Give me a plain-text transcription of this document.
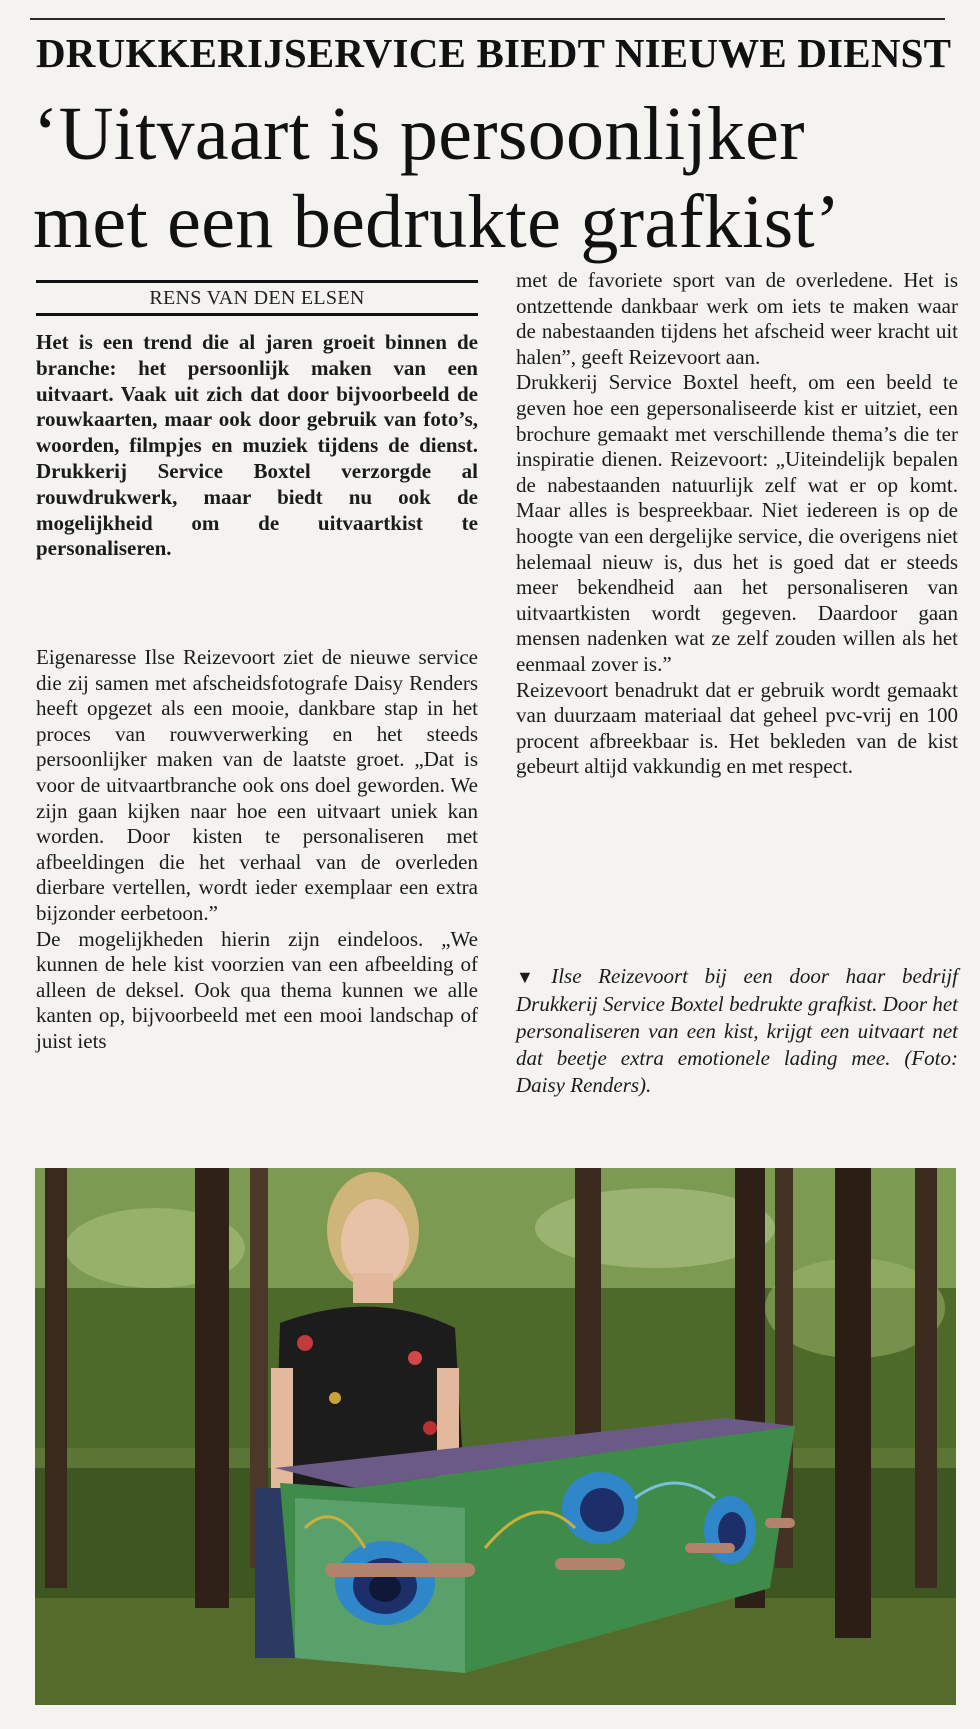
DRUKKERIJSERVICE BIEDT NIEUWE DIENST
‘Uitvaart is persoonlijker
met een bedrukte grafkist’
RENS VAN DEN ELSEN

Het is een trend die al jaren groeit binnen de branche: het persoonlijk maken van een uitvaart. Vaak uit zich dat door bijvoorbeeld de rouwkaarten, maar ook door gebruik van foto’s, woorden, filmpjes en muziek tijdens de dienst. Drukkerij Service Boxtel verzorgde al rouwdrukwerk, maar biedt nu ook de mogelijkheid om de uitvaartkist te personaliseren.

Eigenaresse Ilse Reizevoort ziet de nieuwe service die zij samen met afscheidsfotografe Daisy Renders heeft opgezet als een mooie, dankbare stap in het proces van rouwverwerking en het steeds persoonlijker maken van de laatste groet. „Dat is voor de uitvaartbranche ook ons doel geworden. We zijn gaan kijken naar hoe een uitvaart uniek kan worden. Door kisten te personaliseren met afbeeldingen die het verhaal van de overleden dierbare vertellen, wordt ieder exemplaar een extra bijzonder eerbetoon.”

De mogelijkheden hierin zijn eindeloos. „We kunnen de hele kist voorzien van een afbeelding of alleen de deksel. Ook qua thema kunnen we alle kanten op, bijvoorbeeld met een mooi landschap of juist iets

met de favoriete sport van de overledene. Het is ontzettende dankbaar werk om iets te maken waar de nabestaanden tijdens het afscheid weer kracht uit halen”, geeft Reizevoort aan.

Drukkerij Service Boxtel heeft, om een beeld te geven hoe een gepersonaliseerde kist er uitziet, een brochure gemaakt met verschillende thema’s die ter inspiratie dienen. Reizevoort: „Uiteindelijk bepalen de nabestaanden natuurlijk zelf wat er op komt. Maar alles is bespreekbaar. Niet iedereen is op de hoogte van een dergelijke service, die overigens niet helemaal nieuw is, dus het is goed dat er steeds meer bekendheid aan het personaliseren van uitvaartkisten wordt gegeven. Daardoor gaan mensen nadenken wat ze zelf zouden willen als het eenmaal zover is.”

Reizevoort benadrukt dat er gebruik wordt gemaakt van duurzaam materiaal dat geheel pvc-vrij en 100 procent afbreekbaar is. Het bekleden van de kist gebeurt altijd vakkundig en met respect.

▼ Ilse Reizevoort bij een door haar bedrijf Drukkerij Service Boxtel bedrukte grafkist. Door het personaliseren van een kist, krijgt een uitvaart net dat beetje extra emotionele lading mee. (Foto: Daisy Renders).
